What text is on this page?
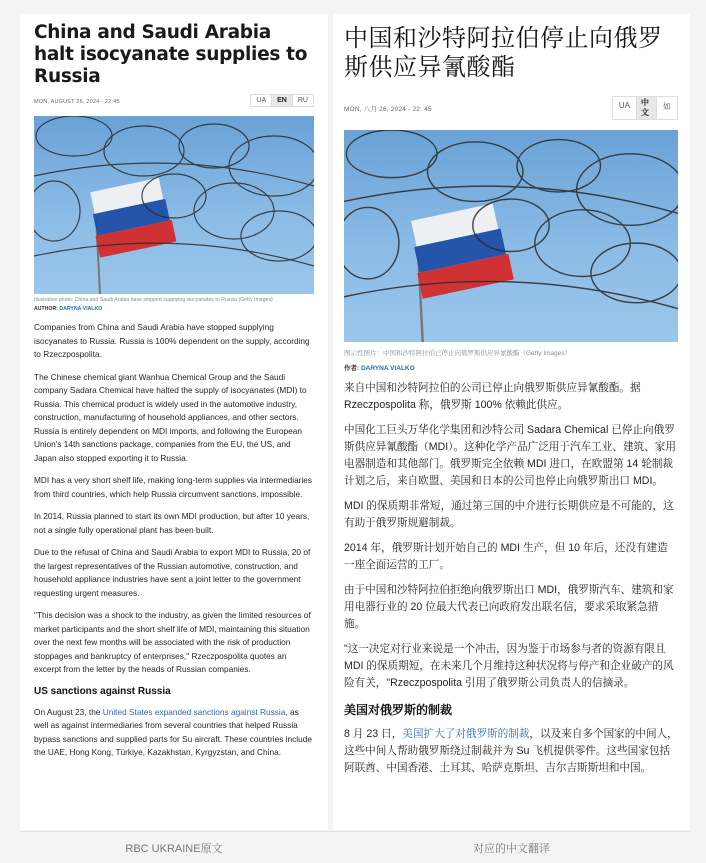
China and Saudi Arabia halt isocyanate supplies to Russia
MON, AUGUST 26, 2024 - 22:45	UA	EN	RU
Illustrative photo: China and Saudi Arabia have stopped supplying isocyanates to Russia (Getty Images)
AUTHOR: DARYNA VIALKO

Companies from China and Saudi Arabia have stopped supplying isocyanates to Russia. Russia is 100% dependent on the supply, according to Rzeczpospolita.

The Chinese chemical giant Wanhua Chemical Group and the Saudi company Sadara Chemical have halted the supply of isocyanates (MDI) to Russia. This chemical product is widely used in the automotive industry, construction, manufacturing of household appliances, and other sectors. Russia is entirely dependent on MDI imports, and following the European Union's 14th sanctions package, companies from the EU, the US, and Japan also stopped exporting it to Russia.

MDI has a very short shelf life, making long-term supplies via intermediaries from third countries, which help Russia circumvent sanctions, impossible.

In 2014, Russia planned to start its own MDI production, but after 10 years, not a single fully operational plant has been built.

Due to the refusal of China and Saudi Arabia to export MDI to Russia, 20 of the largest representatives of the Russian automotive, construction, and household appliance industries have sent a joint letter to the government requesting urgent measures.

"This decision was a shock to the industry, as given the limited resources of market participants and the short shelf life of MDI, maintaining this situation over the next few months will be associated with the risk of production stoppages and bankruptcy of enterprises," Rzeczpospolita quotes an excerpt from the letter by the heads of Russian companies.

US sanctions against Russia

On August 23, the United States expanded sanctions against Russia, as well as against intermediaries from several countries that helped Russia bypass sanctions and supplied parts for Su aircraft. These countries include the UAE, Hong Kong, Türkiye, Kazakhstan, Kyrgyzstan, and China.

中国和沙特阿拉伯停止向俄罗斯供应异氰酸酯
MON, 八月 26, 2024 - 22: 45	UA	中文
如
图示性图片：中国和沙特阿拉伯已停止向俄罗斯供应异氰酸酯（Getty Images）
作者: DARYNA VIALKO

来自中国和沙特阿拉伯的公司已停止向俄罗斯供应异氰酸酯。据 Rzeczpospolita 称，俄罗斯 100% 依赖此供应。

中国化工巨头万华化学集团和沙特公司 Sadara Chemical 已停止向俄罗斯供应异氰酸酯（MDI）。这种化学产品广泛用于汽车工业、建筑、家用电器制造和其他部门。俄罗斯完全依赖 MDI 进口，在欧盟第 14 轮制裁计划之后，来自欧盟、美国和日本的公司也停止向俄罗斯出口 MDI。

MDI 的保质期非常短，通过第三国的中介进行长期供应是不可能的，这有助于俄罗斯规避制裁。

2014 年，俄罗斯计划开始自己的 MDI 生产，但 10 年后，还没有建造一座全面运营的工厂。

由于中国和沙特阿拉伯拒绝向俄罗斯出口 MDI，俄罗斯汽车、建筑和家用电器行业的 20 位最大代表已向政府发出联名信，要求采取紧急措施。

"这一决定对行业来说是一个冲击，因为鉴于市场参与者的资源有限且 MDI 的保质期短，在未来几个月维持这种状况将与停产和企业破产的风险有关，"Rzeczpospolita 引用了俄罗斯公司负责人的信摘录。

美国对俄罗斯的制裁

8 月 23 日，美国扩大了对俄罗斯的制裁，以及来自多个国家的中间人，这些中间人帮助俄罗斯绕过制裁并为 Su 飞机提供零件。这些国家包括阿联酋、中国香港、土耳其、哈萨克斯坦、吉尔吉斯斯坦和中国。

RBC UKRAINE原文	对应的中文翻译
